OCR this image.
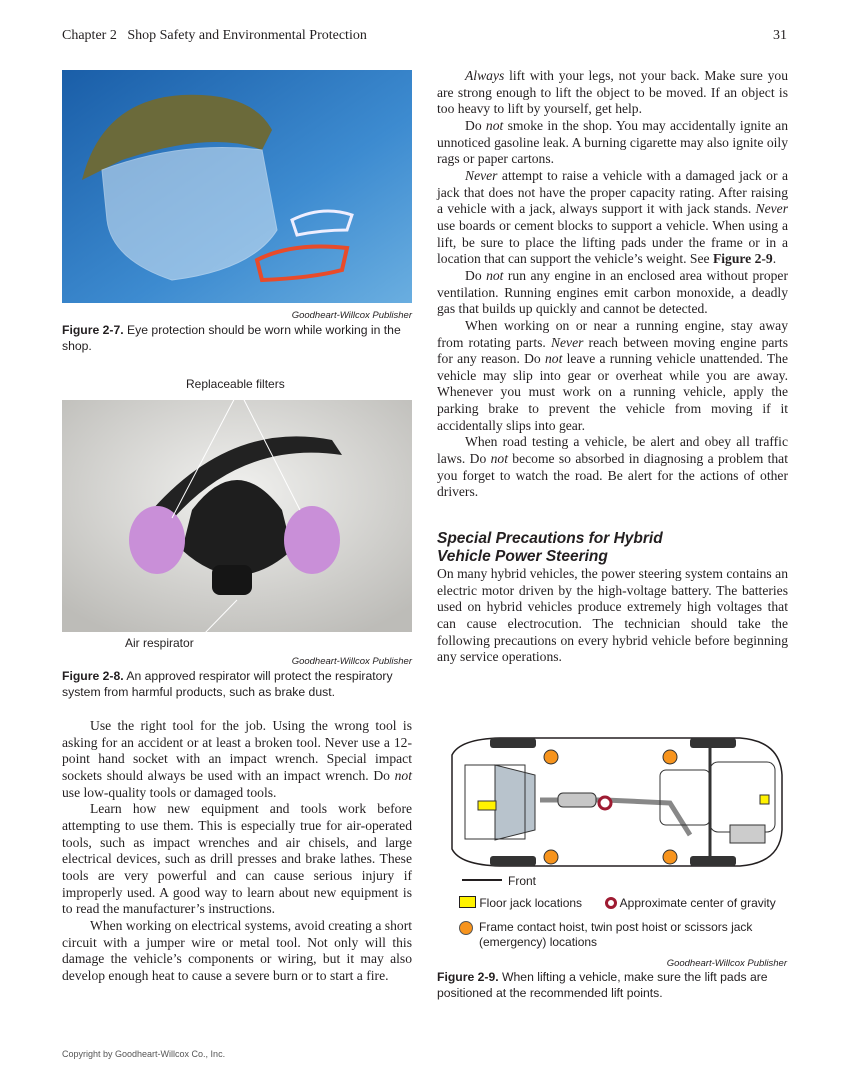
Chapter 2 Shop Safety and Environmental Protection	31
Goodheart-Willcox Publisher
Figure 2-7. Eye protection should be worn while working in the shop.
Replaceable filters
Air respirator
Goodheart-Willcox Publisher
Figure 2-8. An approved respirator will protect the respiratory system from harmful products, such as brake dust.

Use the right tool for the job. Using the wrong tool is asking for an accident or at least a broken tool. Never use a 12-point hand socket with an impact wrench. Special impact sockets should always be used with an impact wrench. Do not use low-quality tools or damaged tools.

Learn how new equipment and tools work before attempting to use them. This is especially true for air-operated tools, such as impact wrenches and air chisels, and large electrical devices, such as drill presses and brake lathes. These tools are very powerful and can cause serious injury if improperly used. A good way to learn about new equipment is to read the manufacturer’s instructions.

When working on electrical systems, avoid creating a short circuit with a jumper wire or metal tool. Not only will this damage the vehicle’s components or wiring, but it may also develop enough heat to cause a severe burn or to start a fire.

Always lift with your legs, not your back. Make sure you are strong enough to lift the object to be moved. If an object is too heavy to lift by yourself, get help.

Do not smoke in the shop. You may accidentally ignite an unnoticed gasoline leak. A burning cigarette may also ignite oily rags or paper cartons.

Never attempt to raise a vehicle with a damaged jack or a jack that does not have the proper capacity rating. After raising a vehicle with a jack, always support it with jack stands. Never use boards or cement blocks to support a vehicle. When using a lift, be sure to place the lifting pads under the frame or in a location that can support the vehicle’s weight. See Figure 2-9.

Do not run any engine in an enclosed area without proper ventilation. Running engines emit carbon monoxide, a deadly gas that builds up quickly and cannot be detected.

When working on or near a running engine, stay away from rotating parts. Never reach between moving engine parts for any reason. Do not leave a running vehicle unattended. The vehicle may slip into gear or overheat while you are away. Whenever you must work on a running vehicle, apply the parking brake to prevent the vehicle from moving if it accidentally slips into gear.

When road testing a vehicle, be alert and obey all traffic laws. Do not become so absorbed in diagnosing a problem that you forget to watch the road. Be alert for the actions of other drivers.

Special Precautions for Hybrid
Vehicle Power Steering

On many hybrid vehicles, the power steering system contains an electric motor driven by the high-voltage battery. The batteries used on hybrid vehicles produce extremely high voltages that can cause electrocution. The technician should take the following precautions on every hybrid vehicle before beginning any service operations.

Front
Floor jack locations	Approximate center of gravity
Frame contact hoist, twin post hoist or scissors jack (emergency) locations
Goodheart-Willcox Publisher
Figure 2-9. When lifting a vehicle, make sure the lift pads are positioned at the recommended lift points.
Copyright by Goodheart-Willcox Co., Inc.
